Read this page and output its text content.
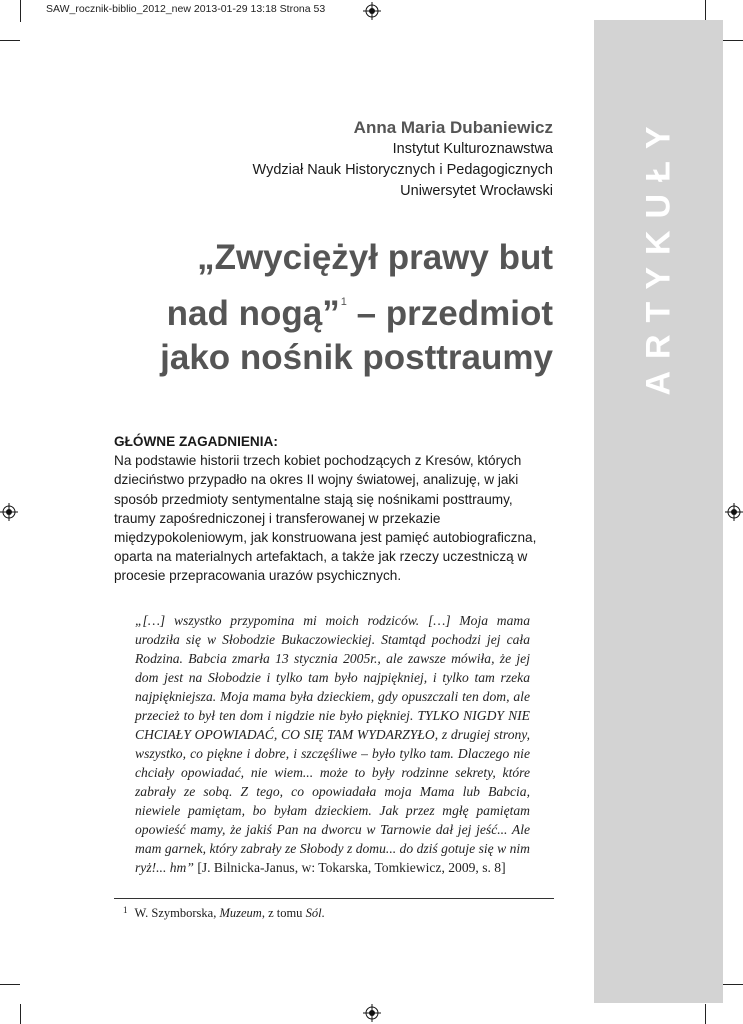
SAW_rocznik-biblio_2012_new 2013-01-29 13:18 Strona 53
ARTYKUŁY
Anna Maria Dubaniewicz
Instytut Kulturoznawstwa
Wydział Nauk Historycznych i Pedagogicznych
Uniwersytet Wrocławski
„Zwyciężył prawy but
nad nogą”$^1$ – przedmiot
jako nośnik posttraumy
GŁÓWNE ZAGADNIENIA:
Na podstawie historii trzech kobiet pochodzących z Kresów, których dzieciństwo przypadło na okres II wojny światowej, analizuję, w jaki sposób przedmioty sentymentalne stają się nośnikami posttraumy, traumy zapośredniczonej i transferowanej w przekazie międzypokoleniowym, jak konstruowana jest pamięć autobiograficzna, oparta na materialnych artefaktach, a także jak rzeczy uczestniczą w procesie przepracowania urazów psychicznych.
„[…] wszystko przypomina mi moich rodziców. […] Moja mama urodziła się w Słobodzie Bukaczowieckiej. Stamtąd pochodzi jej cała Rodzina. Babcia zmarła 13 stycznia 2005r., ale zawsze mówiła, że jej dom jest na Słobodzie i tylko tam było najpiękniej, i tylko tam rzeka najpiękniejsza. Moja mama była dzieckiem, gdy opuszczali ten dom, ale przecież to był ten dom i nigdzie nie było piękniej. TYLKO NIGDY NIE CHCIAŁY OPOWIADAĆ, CO SIĘ TAM WYDARZYŁO, z drugiej strony, wszystko, co piękne i dobre, i szczęśliwe – było tylko tam. Dlaczego nie chciały opowiadać, nie wiem... może to były rodzinne sekrety, które zabrały ze sobą. Z tego, co opowiadała moja Mama lub Babcia, niewiele pamiętam, bo byłam dzieckiem. Jak przez mgłę pamiętam opowieść mamy, że jakiś Pan na dworcu w Tarnowie dał jej jeść... Ale mam garnek, który zabrały ze Słobody z domu... do dziś gotuje się w nim ryż!... hm” [J. Bilnicka-Janus, w: Tokarska, Tomkiewicz, 2009, s. 8]
$^1$ W. Szymborska, Muzeum, z tomu Sól.
